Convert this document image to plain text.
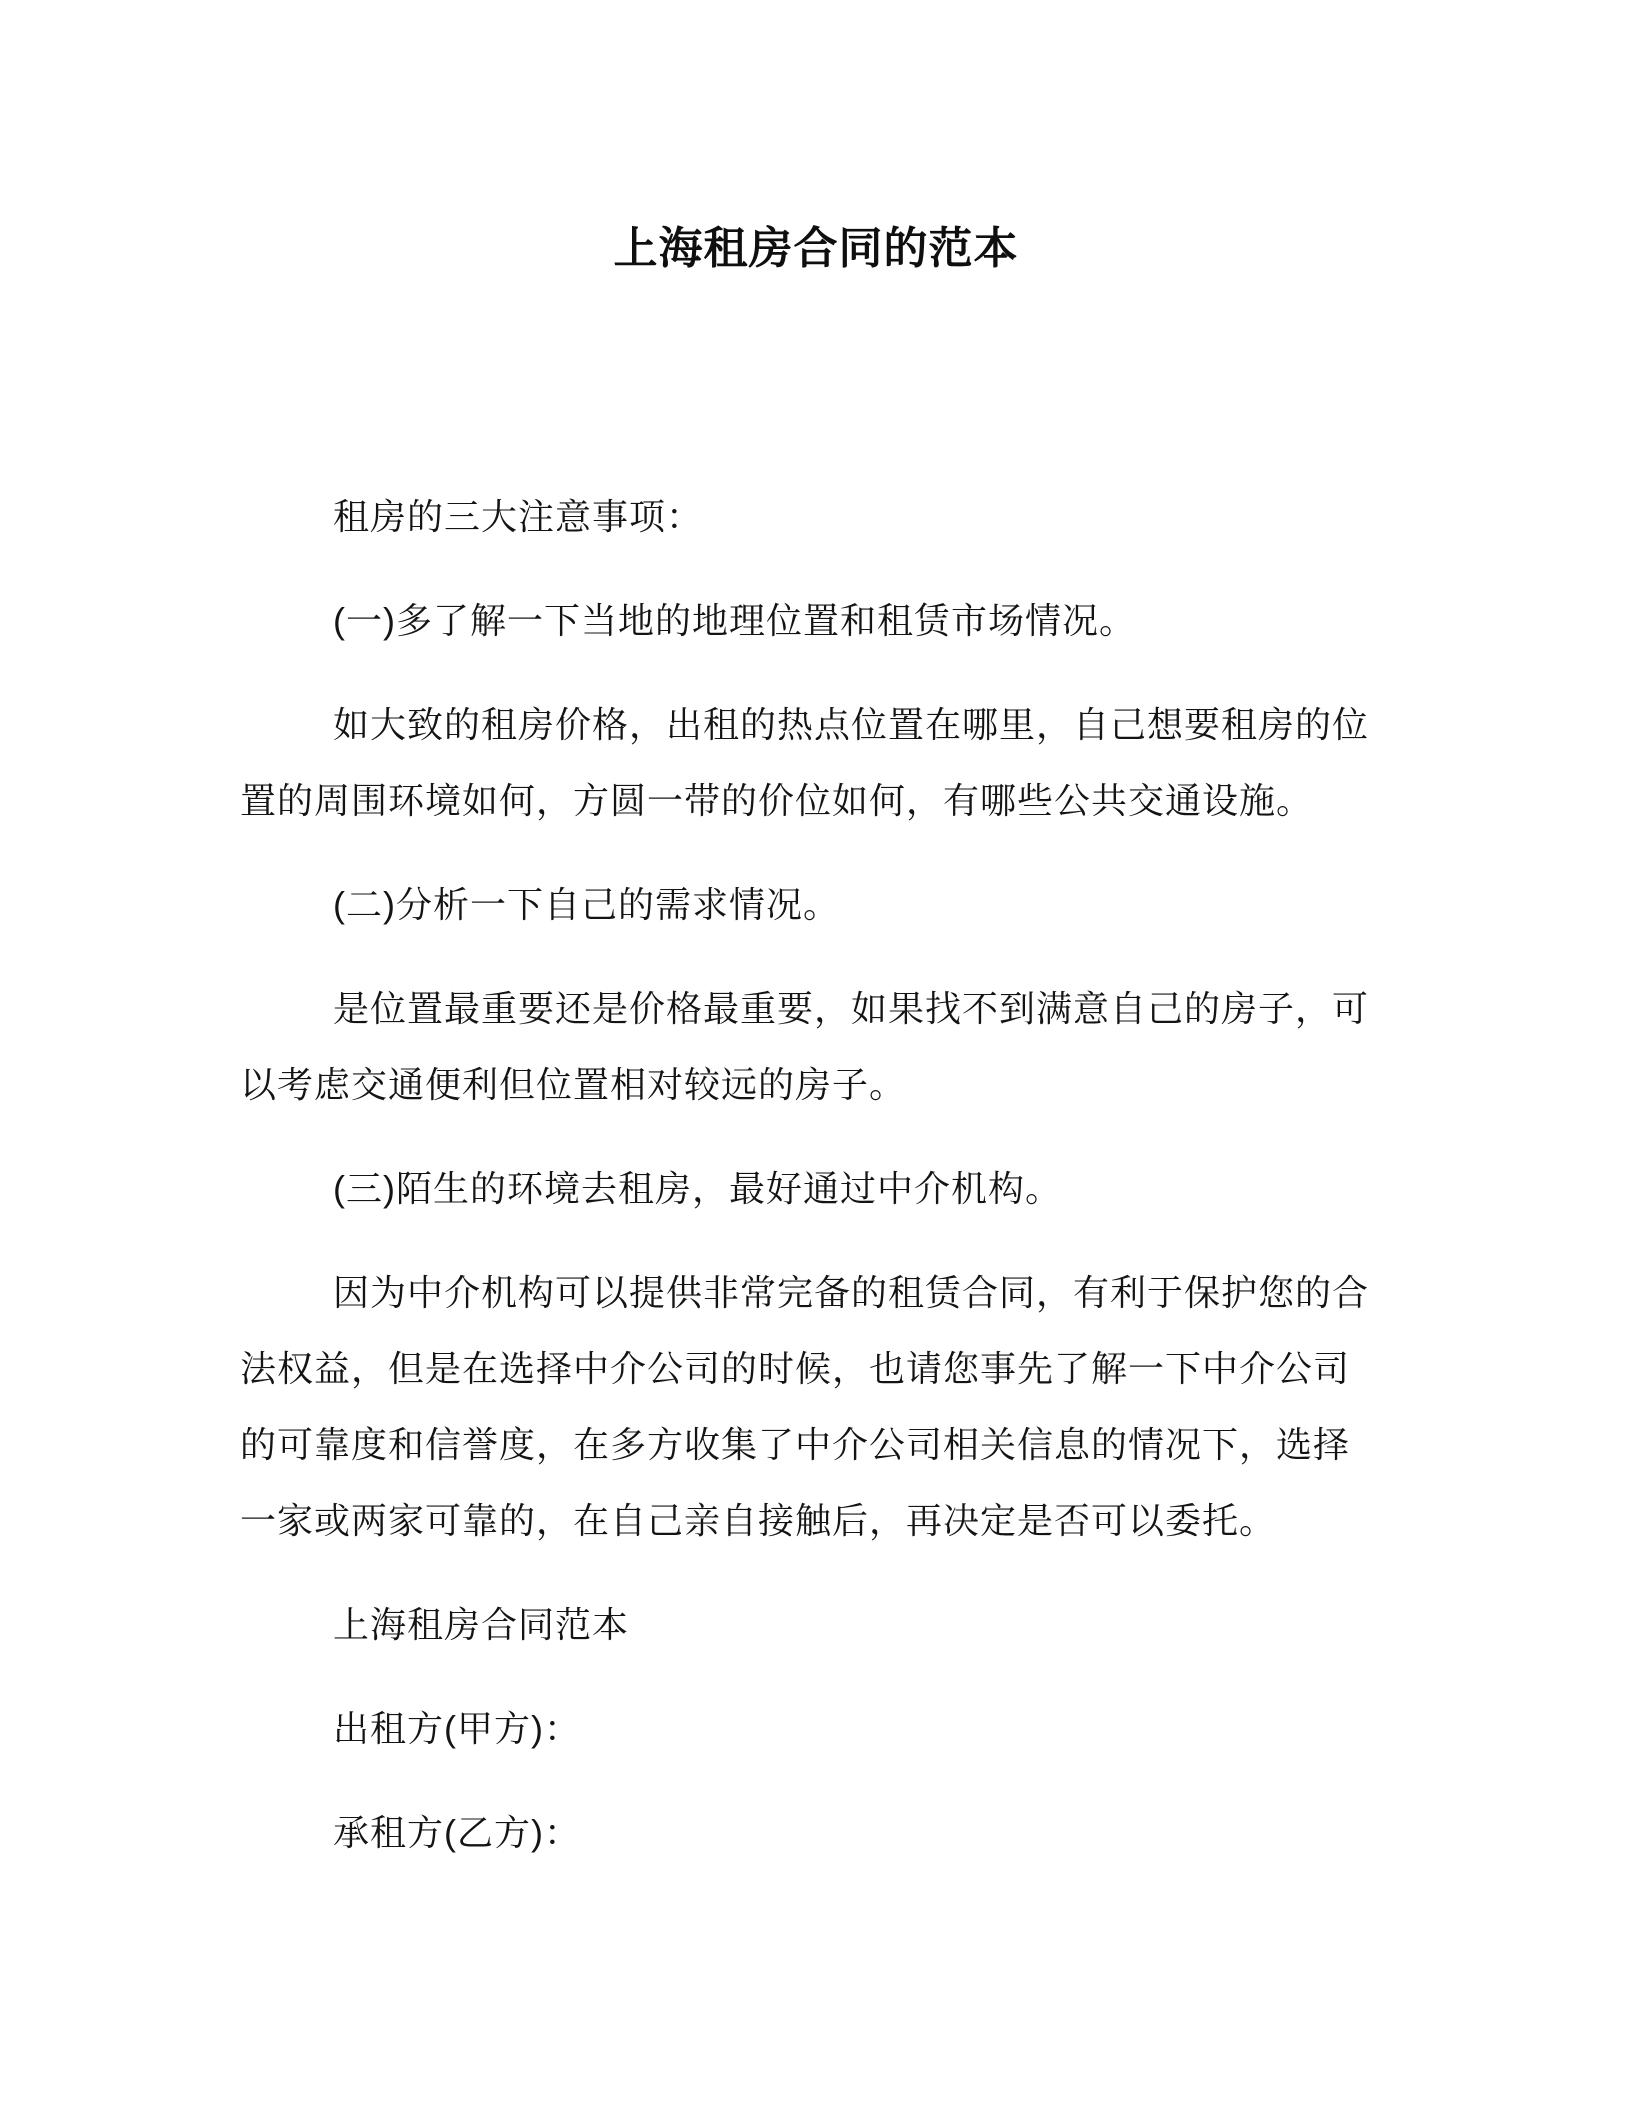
上海租房合同的范本

租房的三大注意事项：

(一)多了解一下当地的地理位置和租赁市场情况。

如大致的租房价格，出租的热点位置在哪里，自己想要租房的位
置的周围环境如何，方圆一带的价位如何，有哪些公共交通设施。

(二)分析一下自己的需求情况。

是位置最重要还是价格最重要，如果找不到满意自己的房子，可
以考虑交通便利但位置相对较远的房子。

(三)陌生的环境去租房，最好通过中介机构。

因为中介机构可以提供非常完备的租赁合同，有利于保护您的合
法权益，但是在选择中介公司的时候，也请您事先了解一下中介公司
的可靠度和信誉度，在多方收集了中介公司相关信息的情况下，选择
一家或两家可靠的，在自己亲自接触后，再决定是否可以委托。

上海租房合同范本

出租方(甲方)：

承租方(乙方)：
